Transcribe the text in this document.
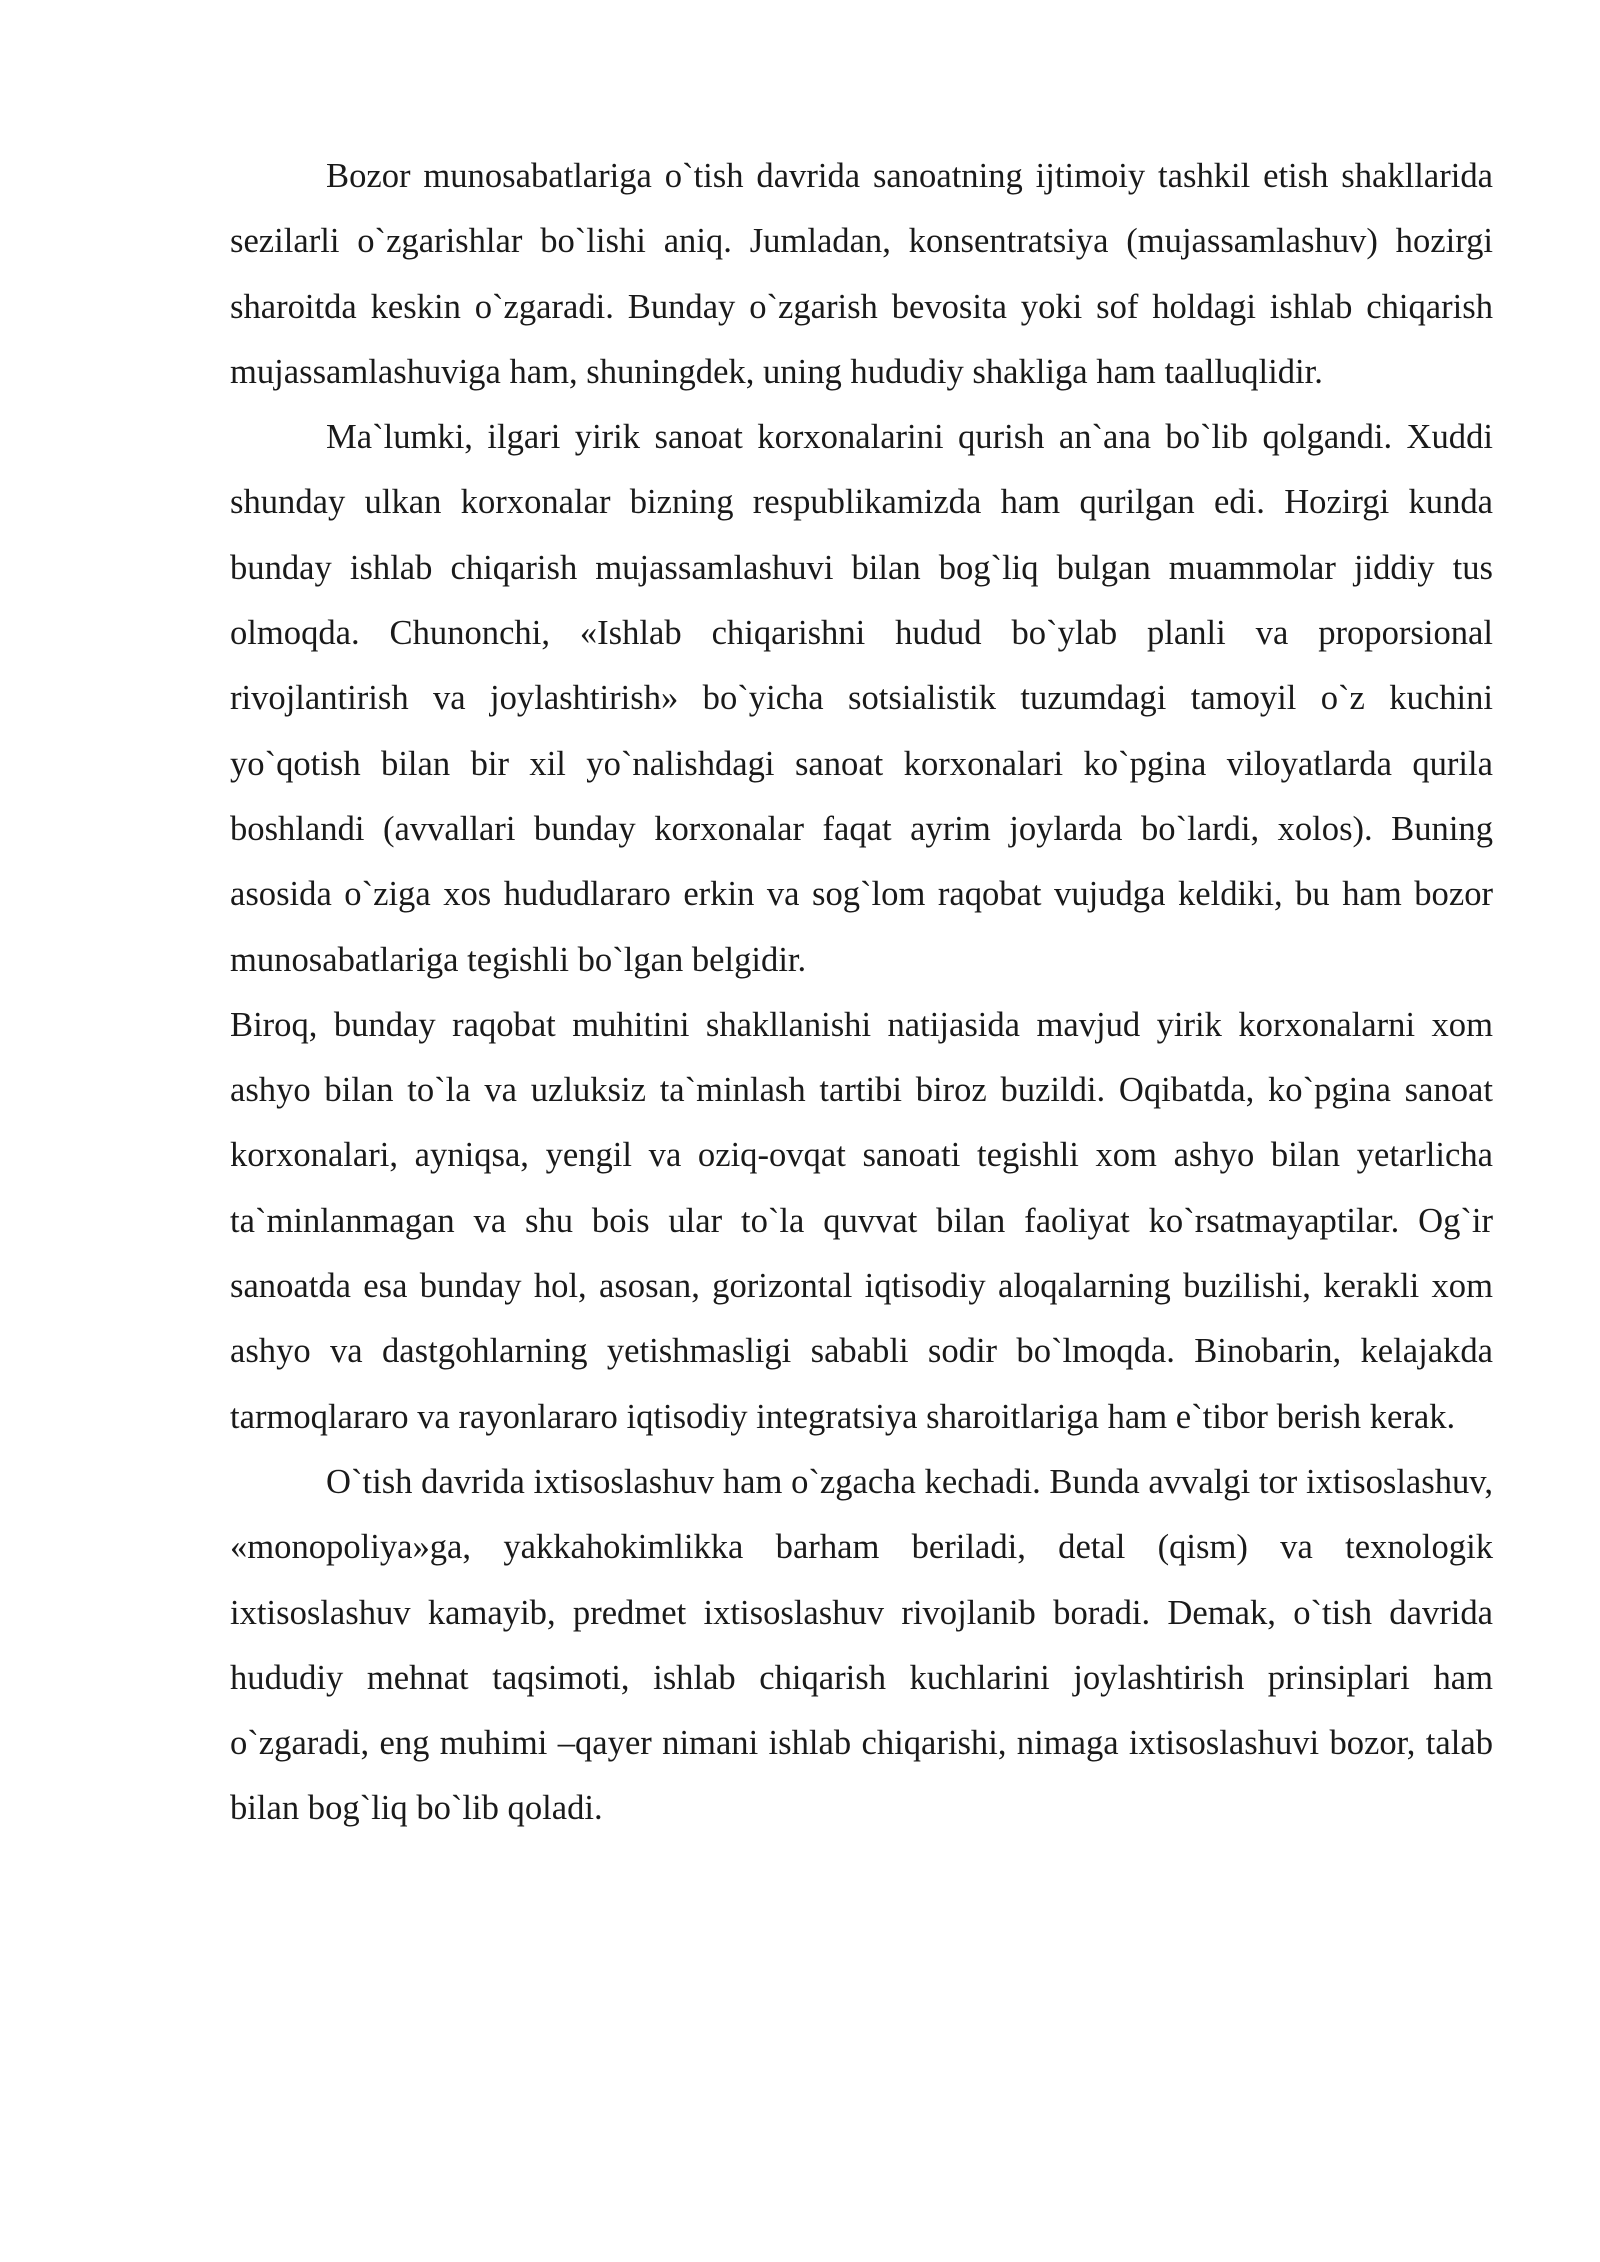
Bozor munosabatlariga o`tish davrida sanoatning ijtimoiy tashkil etish shakllarida sezilarli o`zgarishlar bo`lishi aniq. Jumladan, konsentratsiya (mujassamlashuv) hozirgi sharoitda keskin o`zgaradi. Bunday o`zgarish bevosita yoki sof holdagi ishlab chiqarish mujassamlashuviga ham, shuningdek, uning hududiy shakliga ham taalluqlidir.

Ma`lumki, ilgari yirik sanoat korxonalarini qurish an`ana bo`lib qolgandi. Xuddi shunday ulkan korxonalar bizning respublikamizda ham qurilgan edi. Hozirgi kunda bunday ishlab chiqarish mujassamlashuvi bilan bog`liq bulgan muammolar jiddiy tus olmoqda. Chunonchi, «Ishlab chiqarishni hudud bo`ylab planli va proporsional rivojlantirish va joylashtirish» bo`yicha sotsialistik tuzumdagi tamoyil o`z kuchini yo`qotish bilan bir xil yo`nalishdagi sanoat korxonalari ko`pgina viloyatlarda qurila boshlandi (avvallari bunday korxonalar faqat ayrim joylarda bo`lardi, xolos). Buning asosida o`ziga xos hududlararo erkin va sog`lom raqobat vujudga keldiki, bu ham bozor munosabatlariga tegishli bo`lgan belgidir.

Biroq, bunday raqobat muhitini shakllanishi natijasida mavjud yirik korxonalarni xom ashyo bilan to`la va uzluksiz ta`minlash tartibi biroz buzildi. Oqibatda, ko`pgina sanoat korxonalari, ayniqsa, yengil va oziq-ovqat sanoati tegishli xom ashyo bilan yetarlicha ta`minlanmagan va shu bois ular to`la quvvat bilan faoliyat ko`rsatmayaptilar. Og`ir sanoatda esa bunday hol, asosan, gorizontal iqtisodiy aloqalarning buzilishi, kerakli xom ashyo va dastgohlarning yetishmasligi sababli sodir bo`lmoqda. Binobarin, kelajakda tarmoqlararo va rayonlararo iqtisodiy integratsiya sharoitlariga ham e`tibor berish kerak.

O`tish davrida ixtisoslashuv ham o`zgacha kechadi. Bunda avvalgi tor ixtisoslashuv, «monopoliya»ga, yakkahokimlikka barham beriladi, detal (qism) va texnologik ixtisoslashuv kamayib, predmet ixtisoslashuv rivojlanib boradi. Demak, o`tish davrida hududiy mehnat taqsimoti, ishlab chiqarish kuchlarini joylashtirish prinsiplari ham o`zgaradi, eng muhimi –qayer nimani ishlab chiqarishi, nimaga ixtisoslashuvi bozor, talab bilan bog`liq bo`lib qoladi.
